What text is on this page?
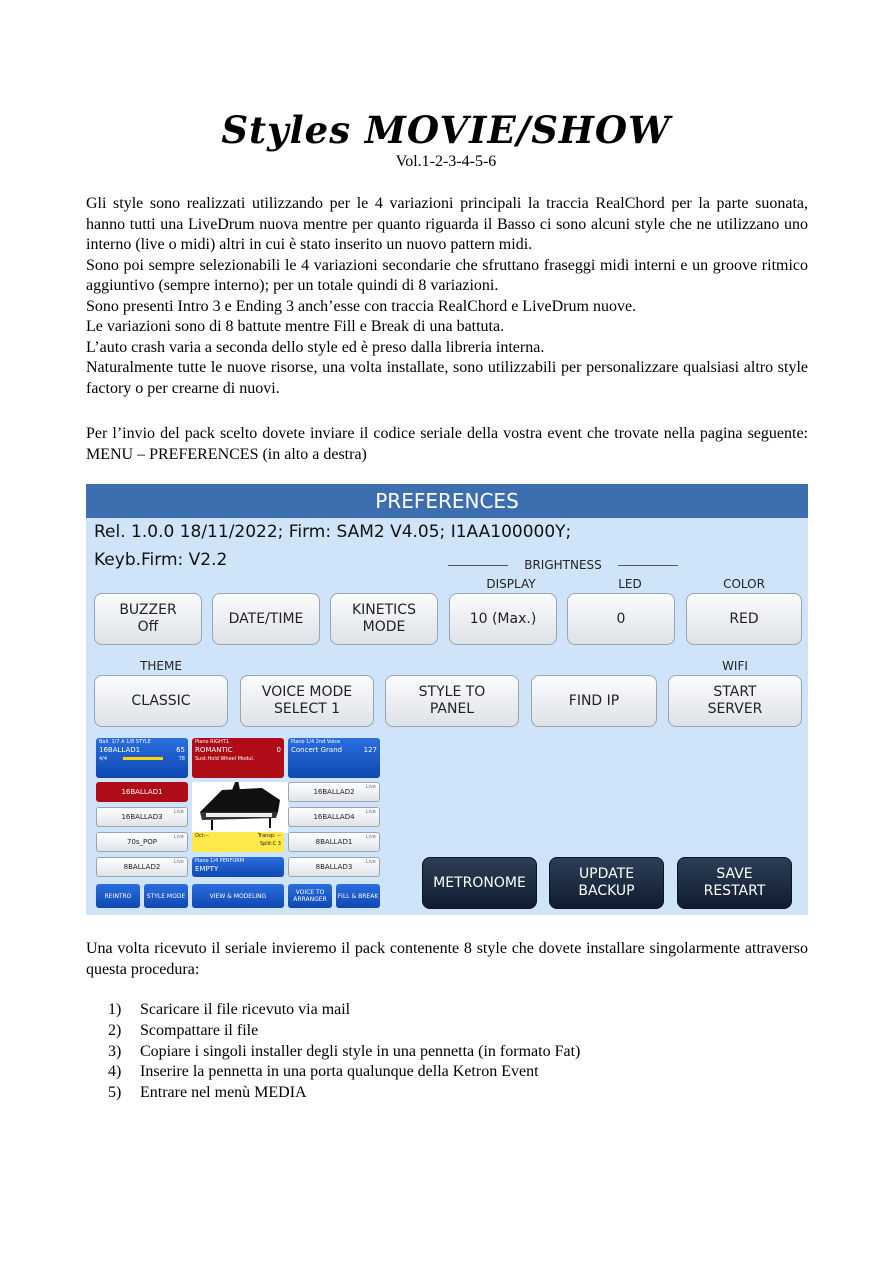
Styles MOVIE/SHOW
Vol.1-2-3-4-5-6

Gli style sono realizzati utilizzando per le 4 variazioni principali la traccia RealChord per la parte suonata, hanno tutti una LiveDrum nuova mentre per quanto riguarda il Basso ci sono alcuni style che ne utilizzano uno interno (live o midi) altri in cui è stato inserito un nuovo pattern midi.

Sono poi sempre selezionabili le 4 variazioni secondarie che sfruttano fraseggi midi interni e un groove ritmico aggiuntivo (sempre interno); per un totale quindi di 8 variazioni.

Sono presenti Intro 3 e Ending 3 anch’esse con traccia RealChord e LiveDrum nuove.

Le variazioni sono di 8 battute mentre Fill e Break di una battuta.

L’auto crash varia a seconda dello style ed è preso dalla libreria interna.

Naturalmente tutte le nuove risorse, una volta installate, sono utilizzabili per personalizzare qualsiasi altro style factory o per crearne di nuovi.

Per l’invio del pack scelto dovete inviare il codice seriale della vostra event che trovate nella pagina seguente: MENU – PREFERENCES (in alto a destra)

PREFERENCES
Rel. 1.0.0 18/11/2022; Firm: SAM2 V4.05; I1AA100000Y;
Keyb.Firm: V2.2	BRIGHTNESS
DISPLAY	LED	COLOR
BUZZER
Off
DATE/TIME
KINETICS
MODE
10 (Max.)	0	RED
THEME	WIFI
CLASSIC
VOICE MODE
SELECT 1
STYLE TO
PANEL
FIND IP
START
SERVER
Ball. 1/7 A 1/8 STYLE
16BALLAD1	65
4/4	78
Piano RIGHT1
ROMANTIC	0
Sust.Hold Wheel Modul.
Piano 1/4 2nd Voice
Concert Grand	127
16BALLAD1
Live
16BALLAD3
Live
70s_POP
Live
8BALLAD2
Oct:--	Transp: --
Split:C 3
Piano 1/4 PERFORM
EMPTY
Live
16BALLAD2
Live
16BALLAD4
Live
8BALLAD1
Live
8BALLAD3
REINTRO	STYLE MODE	VIEW & MODELING	VOICE TO ARRANGER	FILL & BREAK
METRONOME
UPDATE
BACKUP
SAVE
RESTART

Una volta ricevuto il seriale invieremo il pack contenente 8 style che dovete installare singolarmente attraverso questa procedura:

1) Scaricare il file ricevuto via mail
2) Scompattare il file
3) Copiare i singoli installer degli style in una pennetta (in formato Fat)
4) Inserire la pennetta in una porta qualunque della Ketron Event
5) Entrare nel menù MEDIA
